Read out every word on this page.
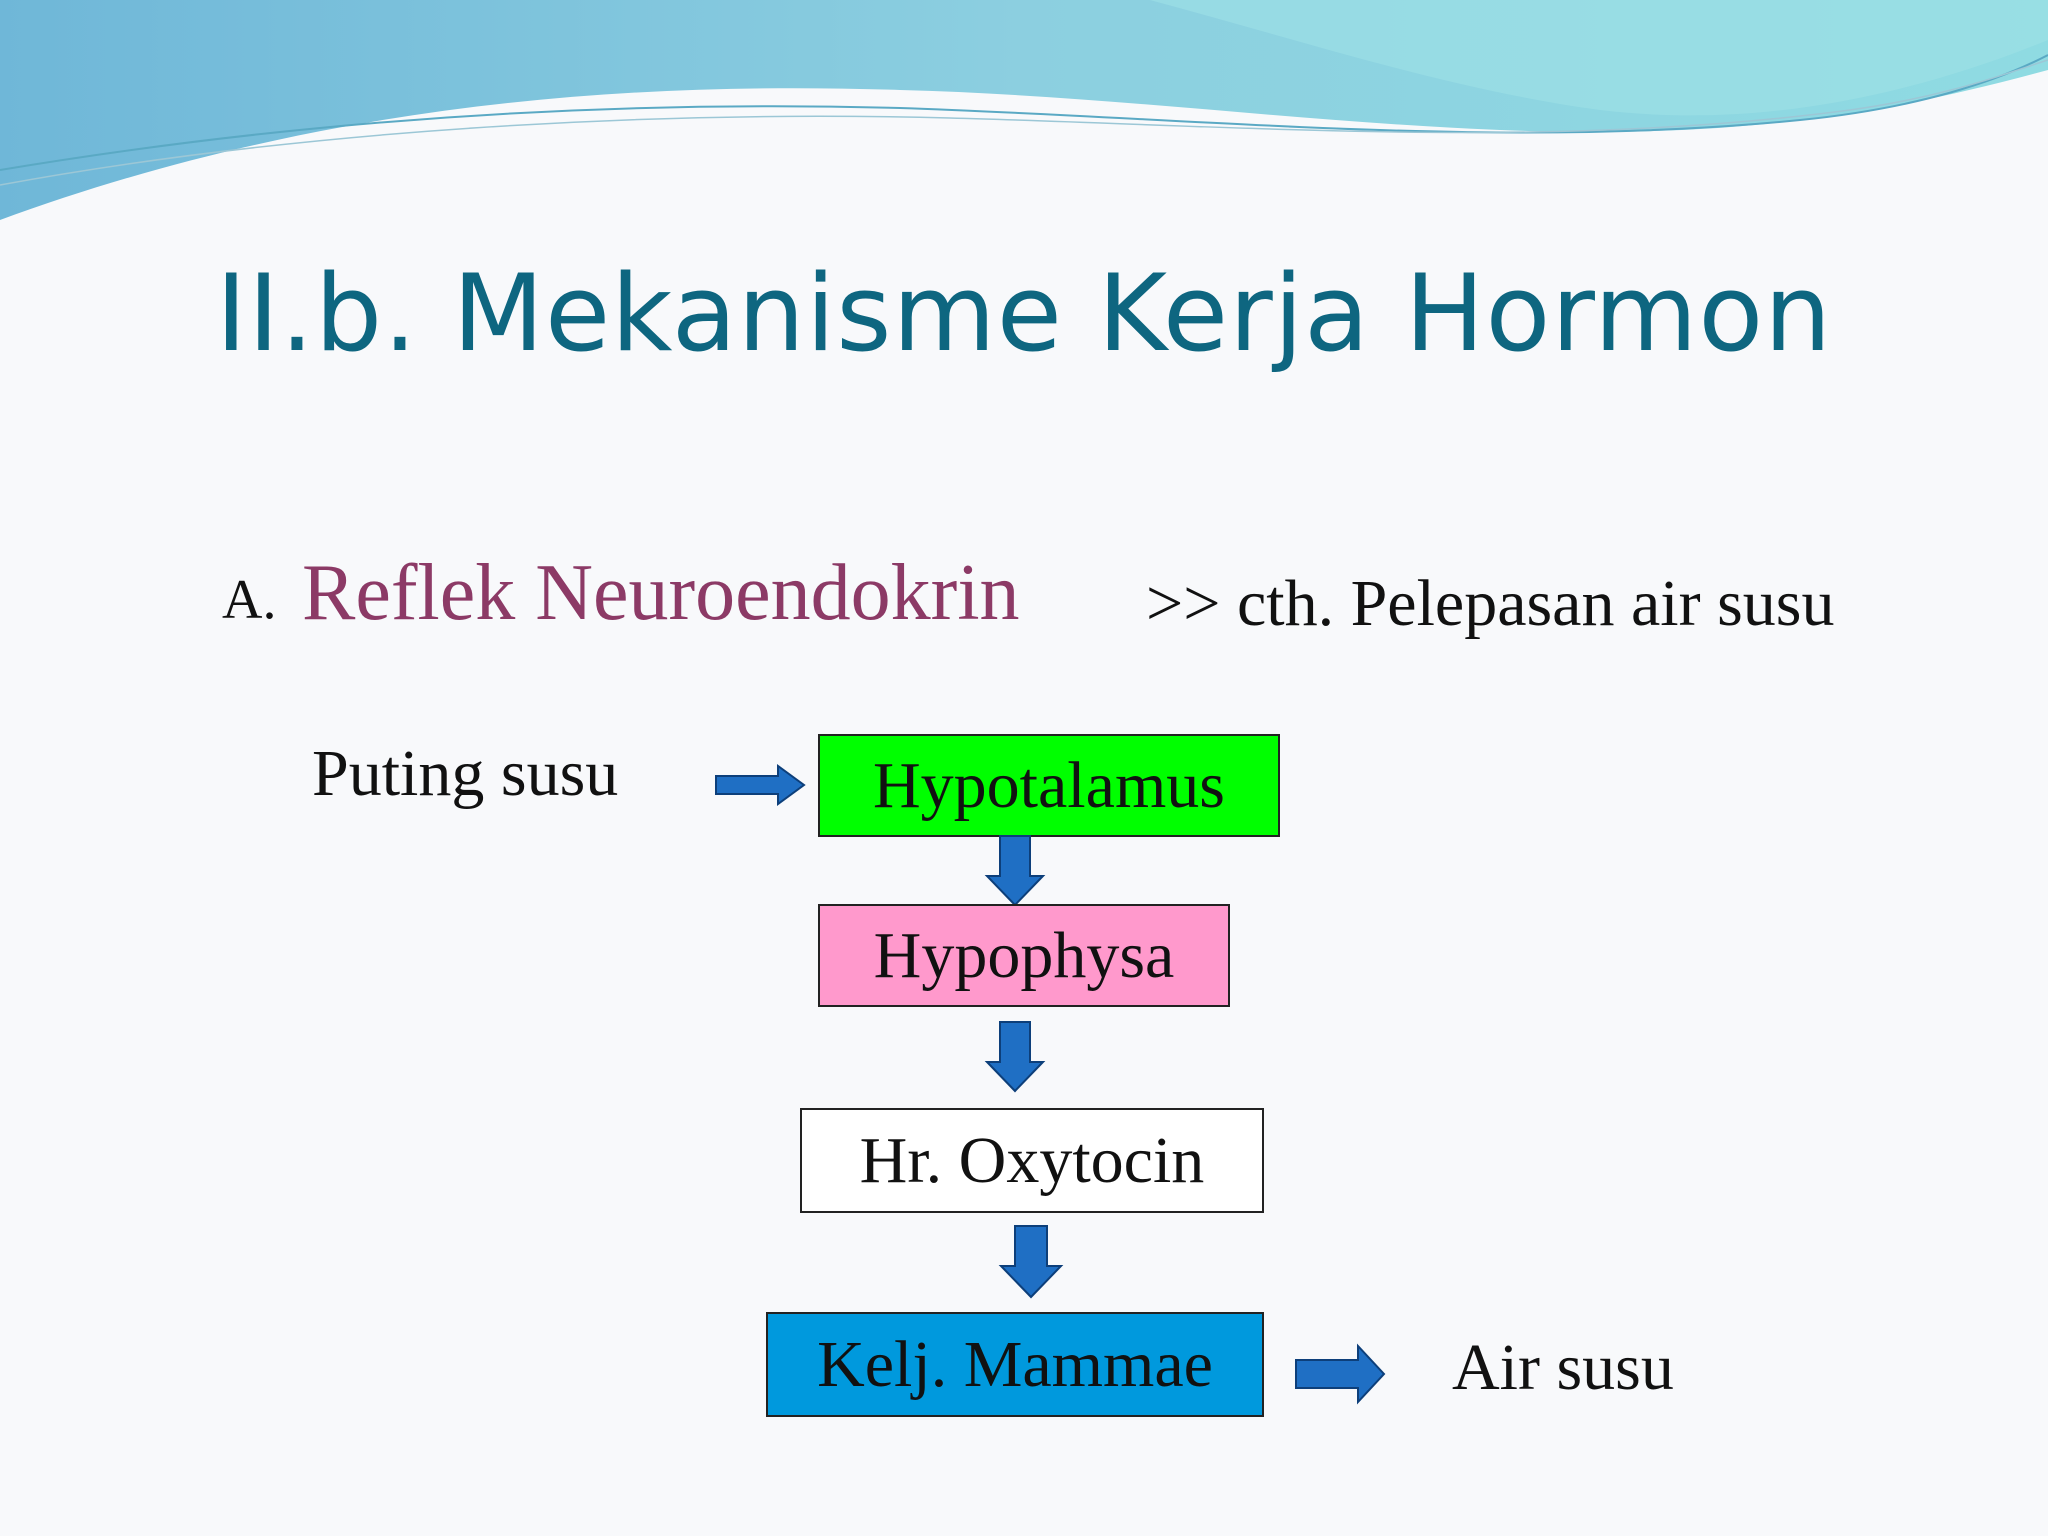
II.b. Mekanisme Kerja Hormon
A. Reflek Neuroendokrin >> cth. Pelepasan air susu
Puting susu	Hypotalamus
Hypophysa
Hr. Oxytocin
Kelj. Mammae	Air susu
